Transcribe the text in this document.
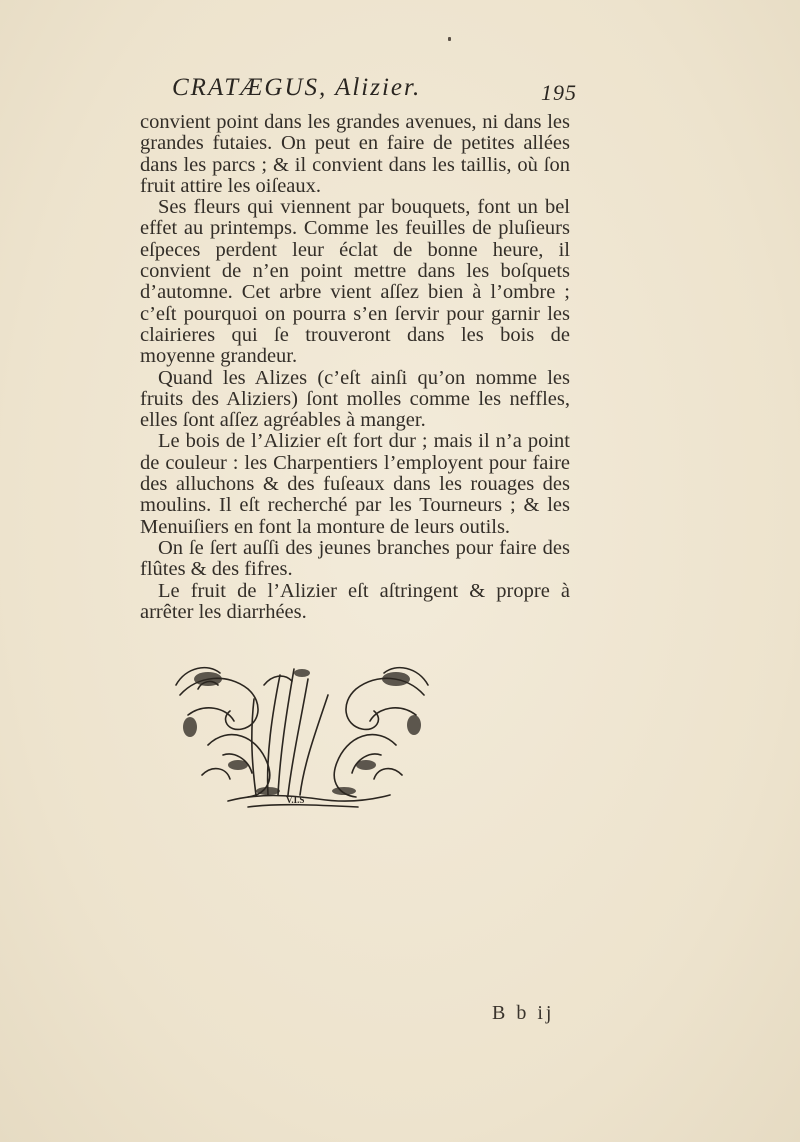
CRATÆGUS, Alizier.	195

convient point dans les grandes avenues, ni dans les grandes futaies. On peut en faire de petites allées dans les parcs ; & il convient dans les taillis, où ſon fruit attire les oiſeaux.

Ses fleurs qui viennent par bouquets, font un bel effet au printemps. Comme les feuilles de pluſieurs eſpeces perdent leur éclat de bonne heure, il convient de n’en point mettre dans les boſquets d’automne. Cet arbre vient aſſez bien à l’ombre ; c’eſt pourquoi on pourra s’en ſervir pour garnir les clairieres qui ſe trouveront dans les bois de moyenne grandeur.

Quand les Alizes (c’eſt ainſi qu’on nomme les fruits des Aliziers) ſont molles comme les neffles, elles ſont aſſez agréables à manger.

Le bois de l’Alizier eſt fort dur ; mais il n’a point de couleur : les Charpentiers l’employent pour faire des alluchons & des fuſeaux dans les rouages des moulins. Il eſt recherché par les Tourneurs ; & les Menuiſiers en font la monture de leurs outils.

On ſe ſert auſſi des jeunes branches pour faire des flûtes & des fifres.

Le fruit de l’Alizier eſt aſtringent & propre à arrêter les diarrhées.

V.I.S
B b ij
